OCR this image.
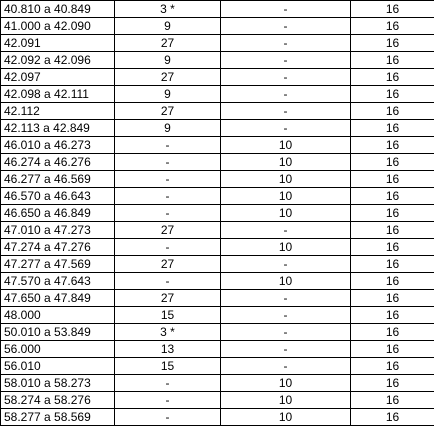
40.810 a 40.849	3 *	-	16
41.000 a 42.090	9	-	16
42.091	27	-	16
42.092 a 42.096	9	-	16
42.097	27	-	16
42.098 a 42.111	9	-	16
42.112	27	-	16
42.113 a 42.849	9	-	16
46.010 a 46.273	-	10	16
46.274 a 46.276	-	10	16
46.277 a 46.569	-	10	16
46.570 a 46.643	-	10	16
46.650 a 46.849	-	10	16
47.010 a 47.273	27	-	16
47.274 a 47.276	-	10	16
47.277 a 47.569	27	-	16
47.570 a 47.643	-	10	16
47.650 a 47.849	27	-	16
48.000	15	-	16
50.010 a 53.849	3 *	-	16
56.000	13	-	16
56.010	15	-	16
58.010 a 58.273	-	10	16
58.274 a 58.276	-	10	16
58.277 a 58.569	-	10	16
